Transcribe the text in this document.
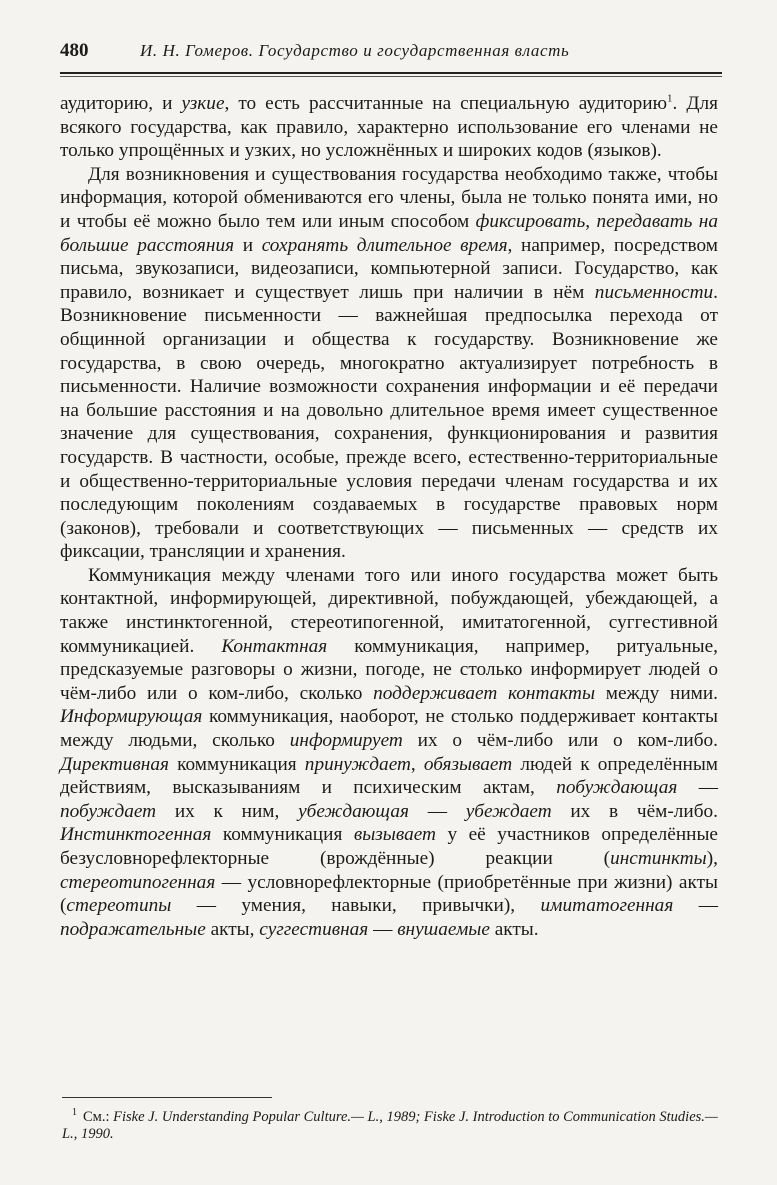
480	И. Н. Гомеров. Государство и государственная власть

аудиторию, и узкие, то есть рассчитанные на специальную аудиторию$^1$. Для всякого государства, как правило, характерно использование его членами не только упрощённых и узких, но усложнённых и широких кодов (языков).

Для возникновения и существования государства необходимо также, чтобы информация, которой обмениваются его члены, была не только понята ими, но и чтобы её можно было тем или иным способом фиксировать, передавать на большие расстояния и сохранять длительное время, например, посредством письма, звукозаписи, видеозаписи, компьютерной записи. Государство, как правило, возникает и существует лишь при наличии в нём письменности. Возникновение письменности — важнейшая предпосылка перехода от общинной организации и общества к государству. Возникновение же государства, в свою очередь, многократно актуализирует потребность в письменности. Наличие возможности сохранения информации и её передачи на большие расстояния и на довольно длительное время имеет существенное значение для существования, сохранения, функционирования и развития государств. В частности, особые, прежде всего, естественно-территориальные и общественно-территориальные условия передачи членам государства и их последующим поколениям создаваемых в государстве правовых норм (законов), требовали и соответствующих — письменных — средств их фиксации, трансляции и хранения.

Коммуникация между членами того или иного государства может быть контактной, информирующей, директивной, побуждающей, убеждающей, а также инстинктогенной, стереотипогенной, имитатогенной, суггестивной коммуникацией. Контактная коммуникация, например, ритуальные, предсказуемые разговоры о жизни, погоде, не столько информирует людей о чём-либо или о ком-либо, сколько поддерживает контакты между ними. Информирующая коммуникация, наоборот, не столько поддерживает контакты между людьми, сколько информирует их о чём-либо или о ком-либо. Директивная коммуникация принуждает, обязывает людей к определённым действиям, высказываниям и психическим актам, побуждающая — побуждает их к ним, убеждающая — убеждает их в чём-либо. Инстинктогенная коммуникация вызывает у её участников определённые безусловнорефлекторные (врождённые) реакции (инстинкты), стереотипогенная — условнорефлекторные (приобретённые при жизни) акты (стереотипы — умения, навыки, привычки), имитатогенная — подражательные акты, суггестивная — внушаемые акты.

$^1$ См.: Fiske J. Understanding Popular Culture.— L., 1989; Fiske J. Introduction to Communication Studies.— L., 1990.
